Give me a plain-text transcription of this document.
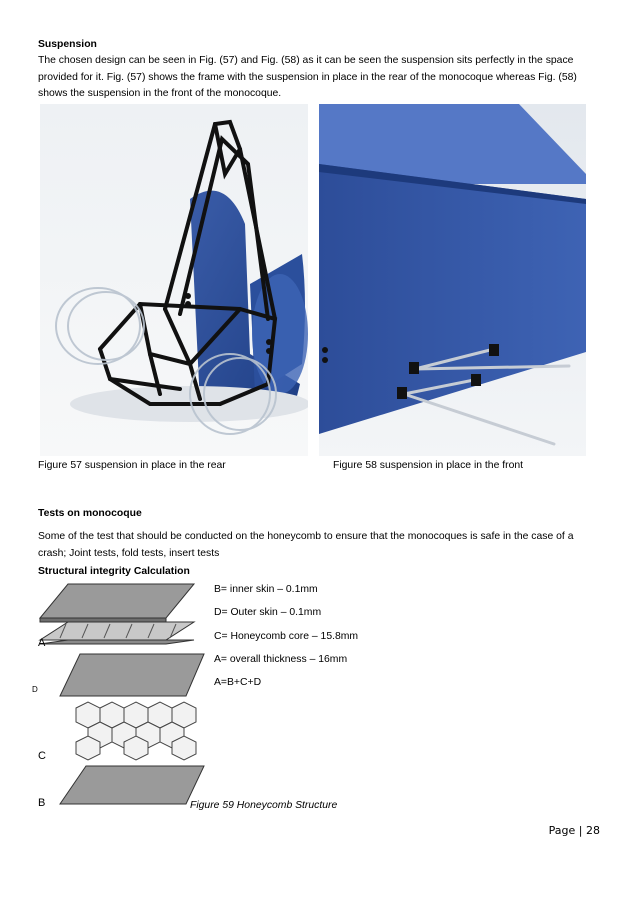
Suspension
The chosen design can be seen in Fig. (57) and Fig. (58) as it can be seen the suspension sits perfectly in the space provided for it. Fig. (57) shows the frame with the suspension in place in the rear of the monocoque whereas Fig. (58) shows the suspension in the front of the monocoque.
Figure 57 suspension in place in the rear	Figure 58 suspension in place in the front
Tests on monocoque
Some of the test that should be conducted on the honeycomb to ensure that the monocoques is safe in the case of a crash; Joint tests, fold tests, insert tests
Structural integrity Calculation
B= inner skin – 0.1mm
D= Outer skin – 0.1mm
C= Honeycomb core – 15.8mm
A= overall thickness – 16mm
A=B+C+D
A
D
C
B	Figure 59 Honeycomb Structure
Page | 28
